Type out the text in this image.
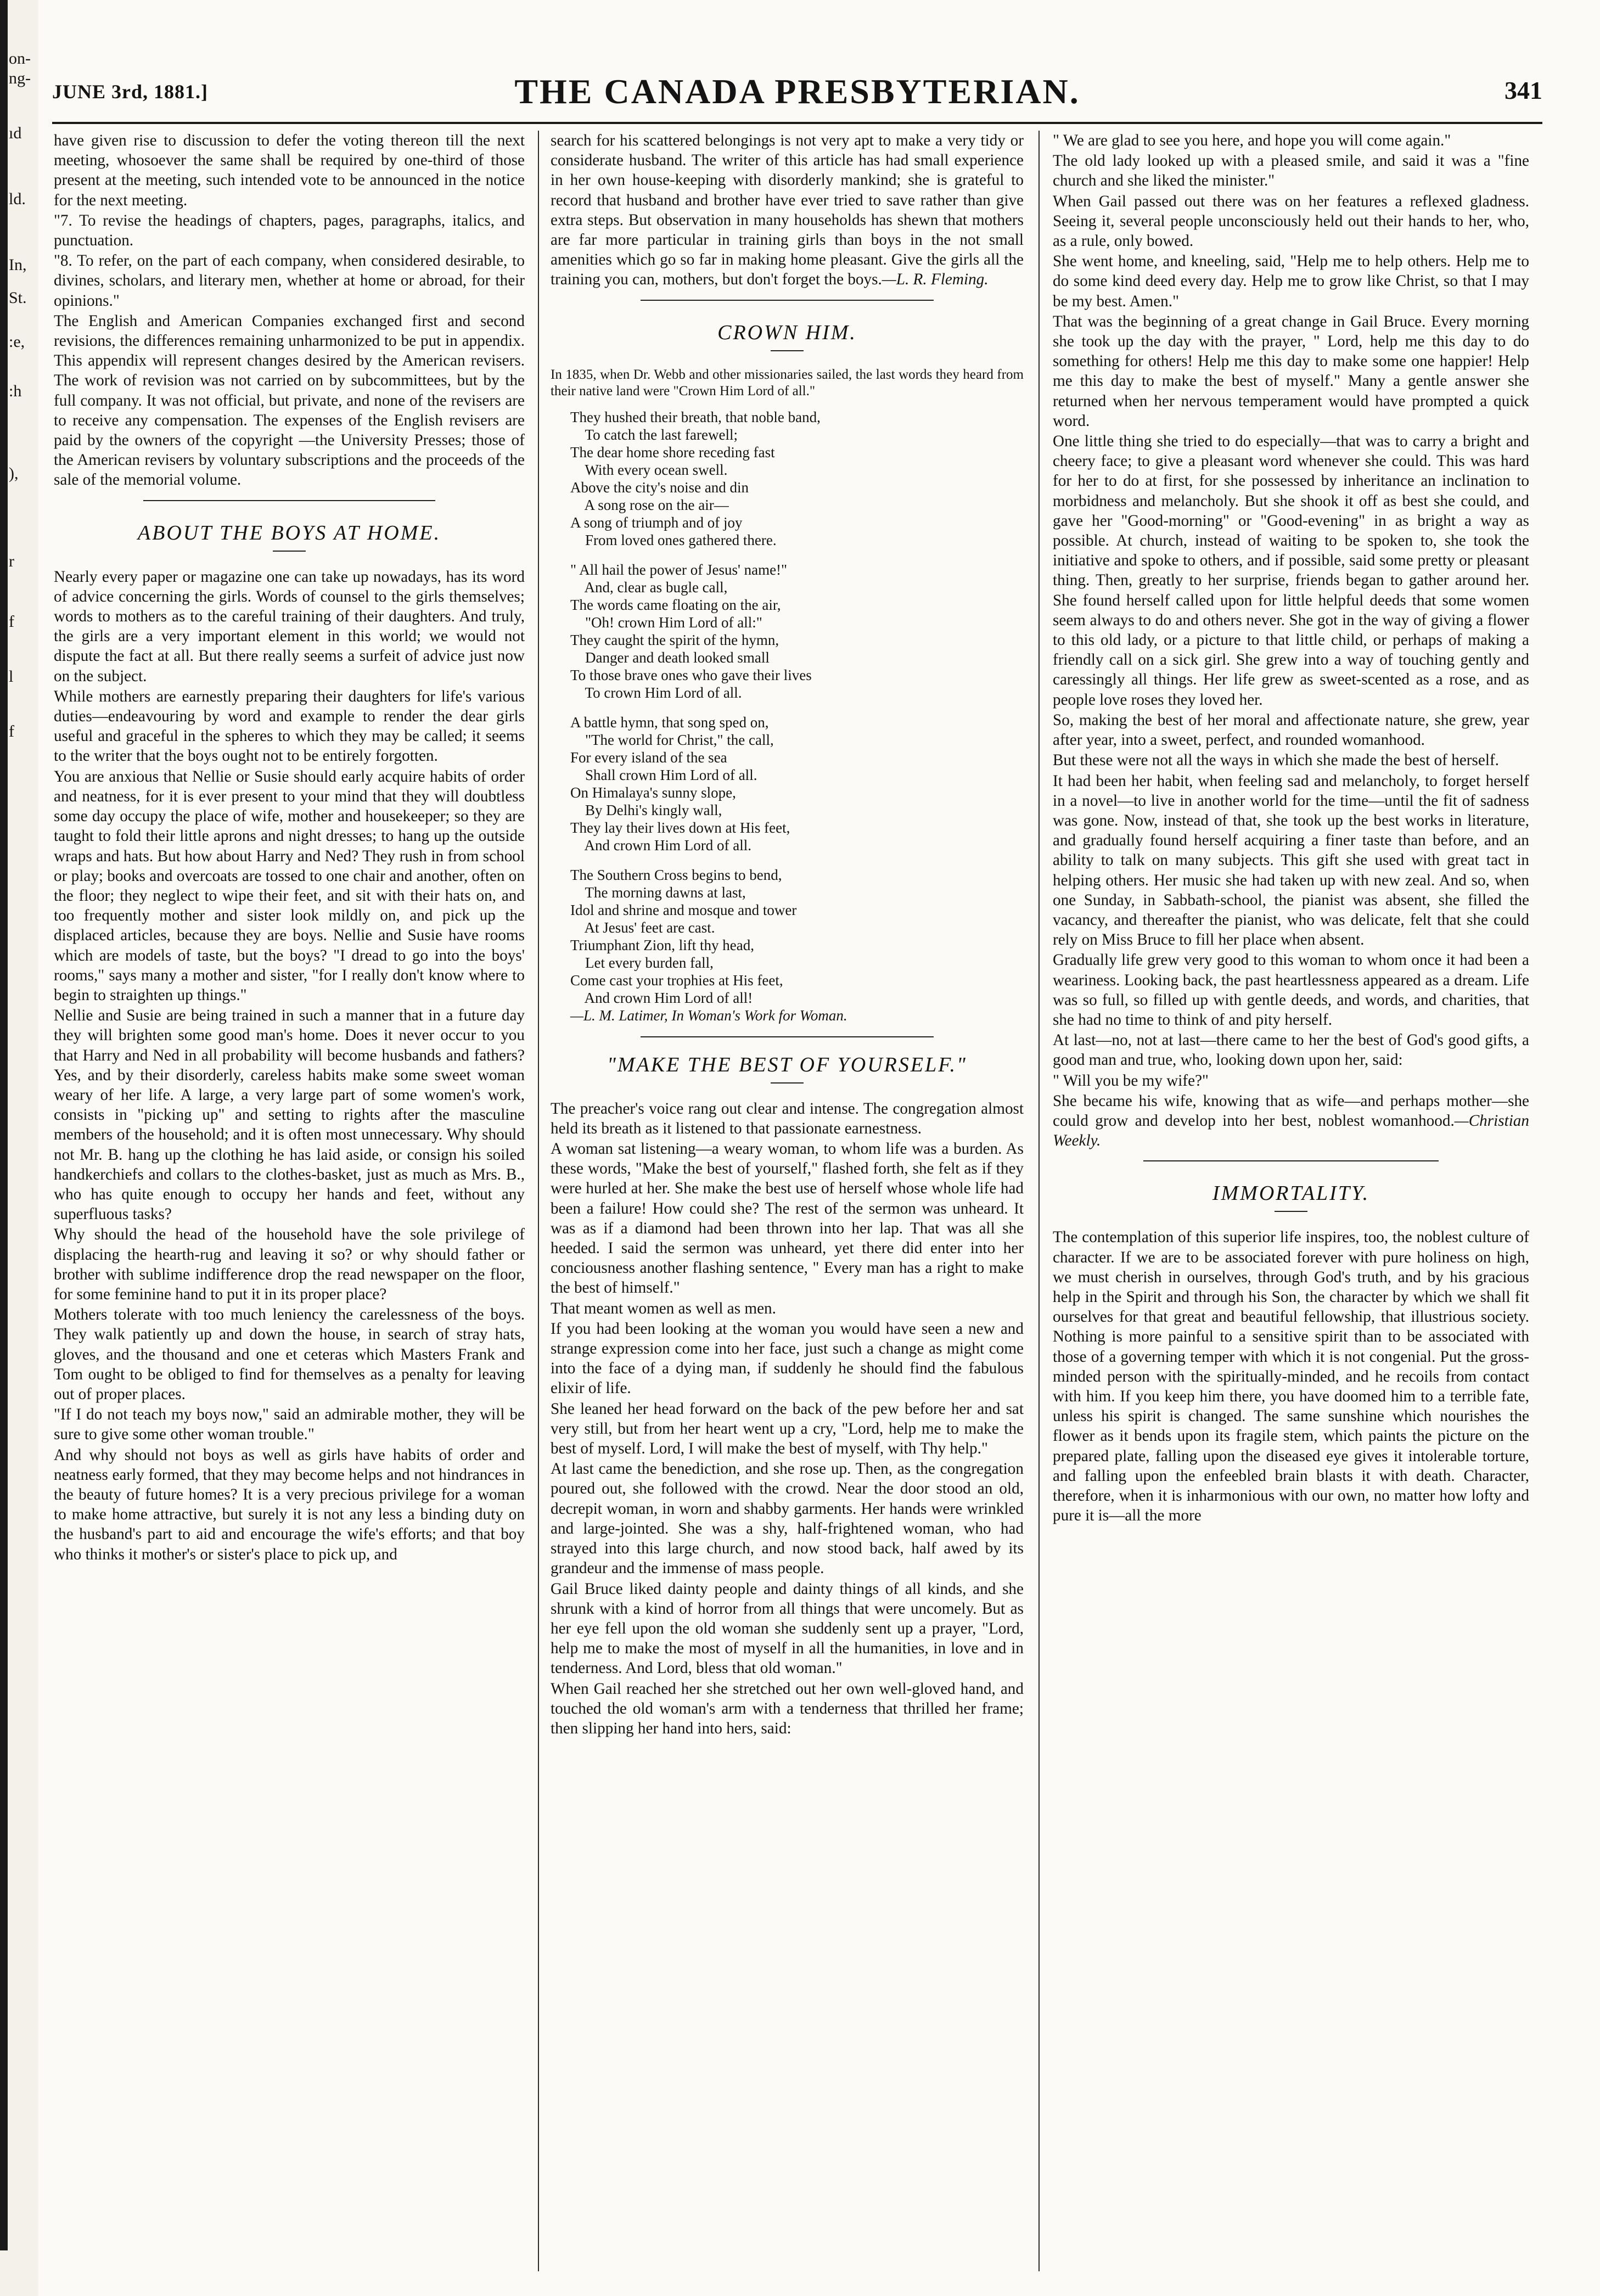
on-

ng-

ıd

ld.

In,

St.

:e,

:h

),

r

f

l

f

JUNE 3rd, 1881.]	THE CANADA PRESBYTERIAN.	341

have given rise to discussion to defer the voting thereon till the next meeting, whosoever the same shall be required by one-third of those present at the meeting, such intended vote to be announced in the notice for the next meeting.

"7. To revise the headings of chapters, pages, paragraphs, italics, and punctuation.

"8. To refer, on the part of each company, when considered desirable, to divines, scholars, and literary men, whether at home or abroad, for their opinions."

The English and American Companies exchanged first and second revisions, the differences remaining unharmonized to be put in appendix. This appendix will represent changes desired by the American revisers. The work of revision was not carried on by subcommittees, but by the full company. It was not official, but private, and none of the revisers are to receive any compensation. The expenses of the English revisers are paid by the owners of the copyright —the University Presses; those of the American revisers by voluntary subscriptions and the proceeds of the sale of the memorial volume.

ABOUT THE BOYS AT HOME.

Nearly every paper or magazine one can take up nowadays, has its word of advice concerning the girls. Words of counsel to the girls themselves; words to mothers as to the careful training of their daughters. And truly, the girls are a very important element in this world; we would not dispute the fact at all. But there really seems a surfeit of advice just now on the subject.

While mothers are earnestly preparing their daughters for life's various duties—endeavouring by word and example to render the dear girls useful and graceful in the spheres to which they may be called; it seems to the writer that the boys ought not to be entirely forgotten.

You are anxious that Nellie or Susie should early acquire habits of order and neatness, for it is ever present to your mind that they will doubtless some day occupy the place of wife, mother and housekeeper; so they are taught to fold their little aprons and night dresses; to hang up the outside wraps and hats. But how about Harry and Ned? They rush in from school or play; books and overcoats are tossed to one chair and another, often on the floor; they neglect to wipe their feet, and sit with their hats on, and too frequently mother and sister look mildly on, and pick up the displaced articles, because they are boys. Nellie and Susie have rooms which are models of taste, but the boys? "I dread to go into the boys' rooms," says many a mother and sister, "for I really don't know where to begin to straighten up things."

Nellie and Susie are being trained in such a manner that in a future day they will brighten some good man's home. Does it never occur to you that Harry and Ned in all probability will become husbands and fathers? Yes, and by their disorderly, careless habits make some sweet woman weary of her life. A large, a very large part of some women's work, consists in "picking up" and setting to rights after the masculine members of the household; and it is often most unnecessary. Why should not Mr. B. hang up the clothing he has laid aside, or consign his soiled handkerchiefs and collars to the clothes-basket, just as much as Mrs. B., who has quite enough to occupy her hands and feet, without any superfluous tasks?

Why should the head of the household have the sole privilege of displacing the hearth-rug and leaving it so? or why should father or brother with sublime indifference drop the read newspaper on the floor, for some feminine hand to put it in its proper place?

Mothers tolerate with too much leniency the carelessness of the boys. They walk patiently up and down the house, in search of stray hats, gloves, and the thousand and one et ceteras which Masters Frank and Tom ought to be obliged to find for themselves as a penalty for leaving out of proper places.

"If I do not teach my boys now," said an admirable mother, they will be sure to give some other woman trouble."

And why should not boys as well as girls have habits of order and neatness early formed, that they may become helps and not hindrances in the beauty of future homes? It is a very precious privilege for a woman to make home attractive, but surely it is not any less a binding duty on the husband's part to aid and encourage the wife's efforts; and that boy who thinks it mother's or sister's place to pick up, and

search for his scattered belongings is not very apt to make a very tidy or considerate husband. The writer of this article has had small experience in her own house-keeping with disorderly mankind; she is grateful to record that husband and brother have ever tried to save rather than give extra steps. But observation in many households has shewn that mothers are far more particular in training girls than boys in the not small amenities which go so far in making home pleasant. Give the girls all the training you can, mothers, but don't forget the boys.—L. R. Fleming.

CROWN HIM.

In 1835, when Dr. Webb and other missionaries sailed, the last words they heard from their native land were "Crown Him Lord of all."

They hushed their breath, that noble band,
To catch the last farewell;
The dear home shore receding fast
With every ocean swell.
Above the city's noise and din
A song rose on the air—
A song of triumph and of joy
From loved ones gathered there.
" All hail the power of Jesus' name!"
And, clear as bugle call,
The words came floating on the air,
"Oh! crown Him Lord of all:"
They caught the spirit of the hymn,
Danger and death looked small
To those brave ones who gave their lives
To crown Him Lord of all.
A battle hymn, that song sped on,
"The world for Christ," the call,
For every island of the sea
Shall crown Him Lord of all.
On Himalaya's sunny slope,
By Delhi's kingly wall,
They lay their lives down at His feet,
And crown Him Lord of all.
The Southern Cross begins to bend,
The morning dawns at last,
Idol and shrine and mosque and tower
At Jesus' feet are cast.
Triumphant Zion, lift thy head,
Let every burden fall,
Come cast your trophies at His feet,
And crown Him Lord of all!
—L. M. Latimer, In Woman's Work for Woman.
"MAKE THE BEST OF YOURSELF."

The preacher's voice rang out clear and intense. The congregation almost held its breath as it listened to that passionate earnestness.

A woman sat listening—a weary woman, to whom life was a burden. As these words, "Make the best of yourself," flashed forth, she felt as if they were hurled at her. She make the best use of herself whose whole life had been a failure! How could she? The rest of the sermon was unheard. It was as if a diamond had been thrown into her lap. That was all she heeded. I said the sermon was unheard, yet there did enter into her conciousness another flashing sentence, " Every man has a right to make the best of himself."

That meant women as well as men.

If you had been looking at the woman you would have seen a new and strange expression come into her face, just such a change as might come into the face of a dying man, if suddenly he should find the fabulous elixir of life.

She leaned her head forward on the back of the pew before her and sat very still, but from her heart went up a cry, "Lord, help me to make the best of myself. Lord, I will make the best of myself, with Thy help."

At last came the benediction, and she rose up. Then, as the congregation poured out, she followed with the crowd. Near the door stood an old, decrepit woman, in worn and shabby garments. Her hands were wrinkled and large-jointed. She was a shy, half-frightened woman, who had strayed into this large church, and now stood back, half awed by its grandeur and the immense of mass people.

Gail Bruce liked dainty people and dainty things of all kinds, and she shrunk with a kind of horror from all things that were uncomely. But as her eye fell upon the old woman she suddenly sent up a prayer, "Lord, help me to make the most of myself in all the humanities, in love and in tenderness. And Lord, bless that old woman."

When Gail reached her she stretched out her own well-gloved hand, and touched the old woman's arm with a tenderness that thrilled her frame; then slipping her hand into hers, said:

" We are glad to see you here, and hope you will come again."

The old lady looked up with a pleased smile, and said it was a "fine church and she liked the minister."

When Gail passed out there was on her features a reflexed gladness. Seeing it, several people unconsciously held out their hands to her, who, as a rule, only bowed.

She went home, and kneeling, said, "Help me to help others. Help me to do some kind deed every day. Help me to grow like Christ, so that I may be my best. Amen."

That was the beginning of a great change in Gail Bruce. Every morning she took up the day with the prayer, " Lord, help me this day to do something for others! Help me this day to make some one happier! Help me this day to make the best of myself." Many a gentle answer she returned when her nervous temperament would have prompted a quick word.

One little thing she tried to do especially—that was to carry a bright and cheery face; to give a pleasant word whenever she could. This was hard for her to do at first, for she possessed by inheritance an inclination to morbidness and melancholy. But she shook it off as best she could, and gave her "Good-morning" or "Good-evening" in as bright a way as possible. At church, instead of waiting to be spoken to, she took the initiative and spoke to others, and if possible, said some pretty or pleasant thing. Then, greatly to her surprise, friends began to gather around her. She found herself called upon for little helpful deeds that some women seem always to do and others never. She got in the way of giving a flower to this old lady, or a picture to that little child, or perhaps of making a friendly call on a sick girl. She grew into a way of touching gently and caressingly all things. Her life grew as sweet-scented as a rose, and as people love roses they loved her.

So, making the best of her moral and affectionate nature, she grew, year after year, into a sweet, perfect, and rounded womanhood.

But these were not all the ways in which she made the best of herself.

It had been her habit, when feeling sad and melancholy, to forget herself in a novel—to live in another world for the time—until the fit of sadness was gone. Now, instead of that, she took up the best works in literature, and gradually found herself acquiring a finer taste than before, and an ability to talk on many subjects. This gift she used with great tact in helping others. Her music she had taken up with new zeal. And so, when one Sunday, in Sabbath-school, the pianist was absent, she filled the vacancy, and thereafter the pianist, who was delicate, felt that she could rely on Miss Bruce to fill her place when absent.

Gradually life grew very good to this woman to whom once it had been a weariness. Looking back, the past heartlessness appeared as a dream. Life was so full, so filled up with gentle deeds, and words, and charities, that she had no time to think of and pity herself.

At last—no, not at last—there came to her the best of God's good gifts, a good man and true, who, looking down upon her, said:

" Will you be my wife?"

She became his wife, knowing that as wife—and perhaps mother—she could grow and develop into her best, noblest womanhood.—Christian Weekly.

IMMORTALITY.

The contemplation of this superior life inspires, too, the noblest culture of character. If we are to be associated forever with pure holiness on high, we must cherish in ourselves, through God's truth, and by his gracious help in the Spirit and through his Son, the character by which we shall fit ourselves for that great and beautiful fellowship, that illustrious society. Nothing is more painful to a sensitive spirit than to be associated with those of a governing temper with which it is not congenial. Put the gross-minded person with the spiritually-minded, and he recoils from contact with him. If you keep him there, you have doomed him to a terrible fate, unless his spirit is changed. The same sunshine which nourishes the flower as it bends upon its fragile stem, which paints the picture on the prepared plate, falling upon the diseased eye gives it intolerable torture, and falling upon the enfeebled brain blasts it with death. Character, therefore, when it is inharmonious with our own, no matter how lofty and pure it is—all the more
